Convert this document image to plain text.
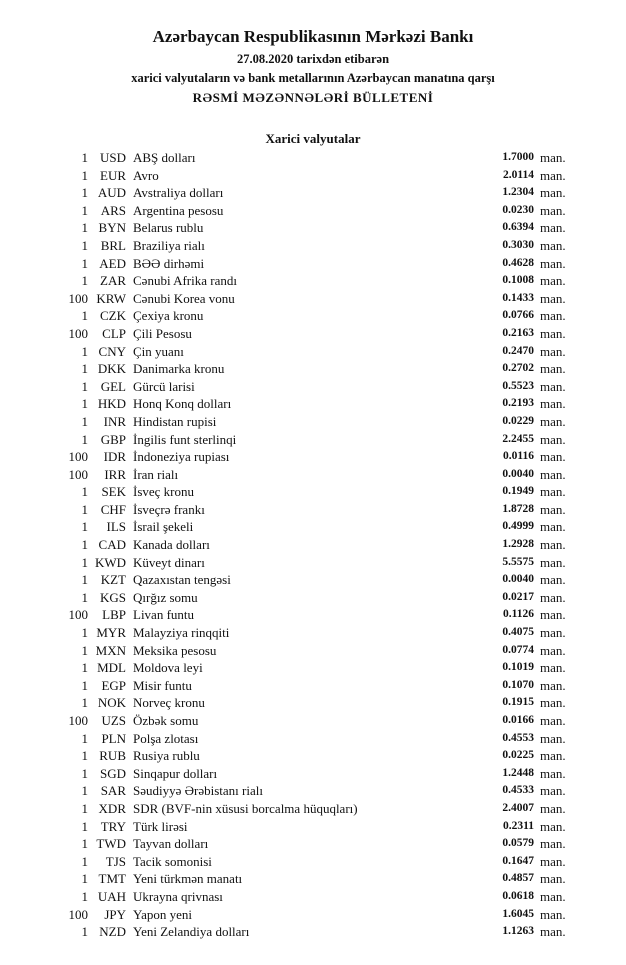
Azərbaycan Respublikasının Mərkəzi Bankı
27.08.2020 tarixdən etibarən
xarici valyutaların və bank metallarının Azərbaycan manatına qarşı
RƏSMİ MƏZƏNNƏLƏRİ BÜLLETENİ
Xarici valyutalar
1 USD ABŞ dolları	1.7000 man.
1 EUR Avro	2.0114 man.
1 AUD Avstraliya dolları	1.2304 man.
1 ARS Argentina pesosu	0.0230 man.
1 BYN Belarus rublu	0.6394 man.
1 BRL Braziliya rialı	0.3030 man.
1 AED BƏƏ dirhəmi	0.4628 man.
1 ZAR Cənubi Afrika randı	0.1008 man.
100 KRW Cənubi Korea vonu	0.1433 man.
1 CZK Çexiya kronu	0.0766 man.
100 CLP Çili Pesosu	0.2163 man.
1 CNY Çin yuanı	0.2470 man.
1 DKK Danimarka kronu	0.2702 man.
1 GEL Gürcü larisi	0.5523 man.
1 HKD Honq Konq dolları	0.2193 man.
1 INR Hindistan rupisi	0.0229 man.
1 GBP İngilis funt sterlinqi	2.2455 man.
100 IDR İndoneziya rupiası	0.0116 man.
100 IRR İran rialı	0.0040 man.
1 SEK İsveç kronu	0.1949 man.
1 CHF İsveçrə frankı	1.8728 man.
1 ILS İsrail şekeli	0.4999 man.
1 CAD Kanada dolları	1.2928 man.
1 KWD Küveyt dinarı	5.5575 man.
1 KZT Qazaxıstan tengəsi	0.0040 man.
1 KGS Qırğız somu	0.0217 man.
100 LBP Livan funtu	0.1126 man.
1 MYR Malayziya rinqqiti	0.4075 man.
1 MXN Meksika pesosu	0.0774 man.
1 MDL Moldova leyi	0.1019 man.
1 EGP Misir funtu	0.1070 man.
1 NOK Norveç kronu	0.1915 man.
100 UZS Özbək somu	0.0166 man.
1 PLN Polşa zlotası	0.4553 man.
1 RUB Rusiya rublu	0.0225 man.
1 SGD Sinqapur dolları	1.2448 man.
1 SAR Səudiyyə Ərəbistanı rialı	0.4533 man.
1 XDR SDR (BVF-nin xüsusi borcalma hüquqları)	2.4007 man.
1 TRY Türk lirəsi	0.2311 man.
1 TWD Tayvan dolları	0.0579 man.
1 TJS Tacik somonisi	0.1647 man.
1 TMT Yeni türkmən manatı	0.4857 man.
1 UAH Ukrayna qrivnası	0.0618 man.
100 JPY Yapon yeni	1.6045 man.
1 NZD Yeni Zelandiya dolları	1.1263 man.
